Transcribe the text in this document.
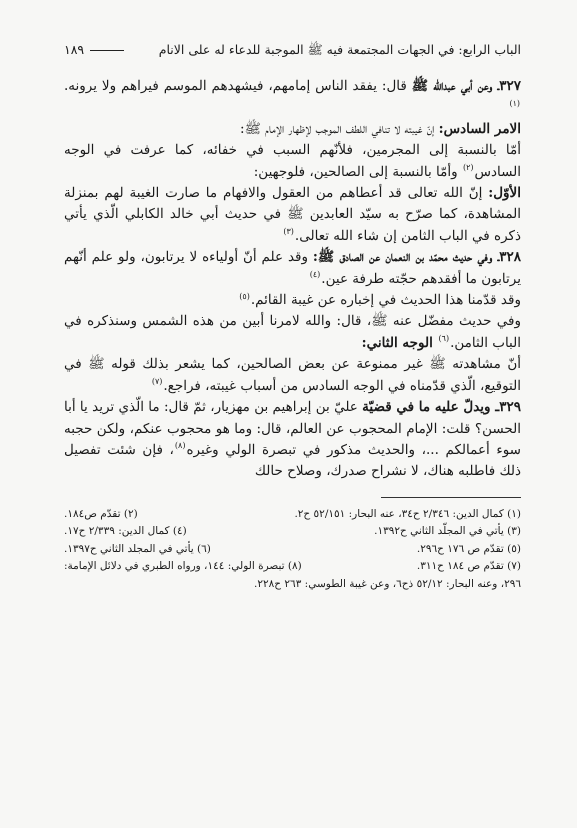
الباب الرابع: في الجهات المجتمعة فيه ﷺ الموجبة للدعاء له على الانام
١٨٩

٣٢٧ـ وعن أبي عبدالله ﷺ قال: يفقد الناس إمامهم، فيشهدهم الموسم فيراهم ولا يرونه.$^{(١)}$

الامر السادس: إنّ غيبته لا تنافي اللطف الموجب لإظهار الإمام ﷺ:

أمّا بالنسبة إلى المجرمين، فلأنّهم السبب في خفائه، كما عرفت في الوجه السادس$^{(٢)}$ وأمّا بالنسبة إلى الصالحين، فلوجهين:

الأوّل: إنّ الله تعالى قد أعطاهم من العقول والافهام ما صارت الغيبة لهم بمنزلة المشاهدة، كما صرّح به سيّد العابدين ﷺ في حديث أبي خالد الكابلي الّذي يأتي ذكره في الباب الثامن إن شاء الله تعالى.$^{(٣)}$

٣٢٨ـ وفي حديث محمّد بن النعمان عن الصادق ﷺ: وقد علم أنّ أولياءه لا يرتابون، ولو علم أنّهم يرتابون ما أفقدهم حجّته طرفة عين.$^{(٤)}$

وقد قدّمنا هذا الحديث في إخباره عن غيبة القائم.$^{(٥)}$

وفي حديث مفضّل عنه ﷺ، قال: والله لامرنا أبين من هذه الشمس وسنذكره في الباب الثامن.$^{(٦)}$ الوجه الثاني:

أنّ مشاهدته ﷺ غير ممنوعة عن بعض الصالحين، كما يشعر بذلك قوله ﷺ في التوقيع، الّذي قدّمناه في الوجه السادس من أسباب غيبته، فراجع.$^{(٧)}$

٣٢٩ـ ويدلّ عليه ما في قضيّة عليّ بن إبراهيم بن مهزيار، ثمّ قال: ما الّذي تريد يا أبا الحسن؟ قلت: الإمام المحجوب عن العالم، قال: وما هو محجوب عنكم، ولكن حجبه سوء أعمالكم ...، والحديث مذكور في تبصرة الولي وغيره$^{(٨)}$، فإن شئت تفصيل ذلك فاطلبه هناك، لا نشراح صدرك، وصلاح حالك

(١) كمال الدين: ٢/٣٤٦ ح٣٤، عنه البحار: ٥٢/١٥١ ح٢.
(٢) تقدّم ص١٨٤.
(٣) يأتي في المجلّد الثاني ح١٣٩٢.
(٤) كمال الدين: ٢/٣٣٩ ح١٧.
(٥) تقدّم ص ١٧٦ ح٢٩٦.
(٦) يأتي في المجلد الثاني ح١٣٩٧.
(٧) تقدّم ص ١٨٤ ح٣١١.
(٨) تبصرة الولي: ١٤٤، ورواه الطبري في دلائل الإمامة:
٢٩٦، وعنه البحار: ٥٢/١٢ ذح٦، وعن غيبة الطوسي: ٢٦٣ ح٢٢٨.
